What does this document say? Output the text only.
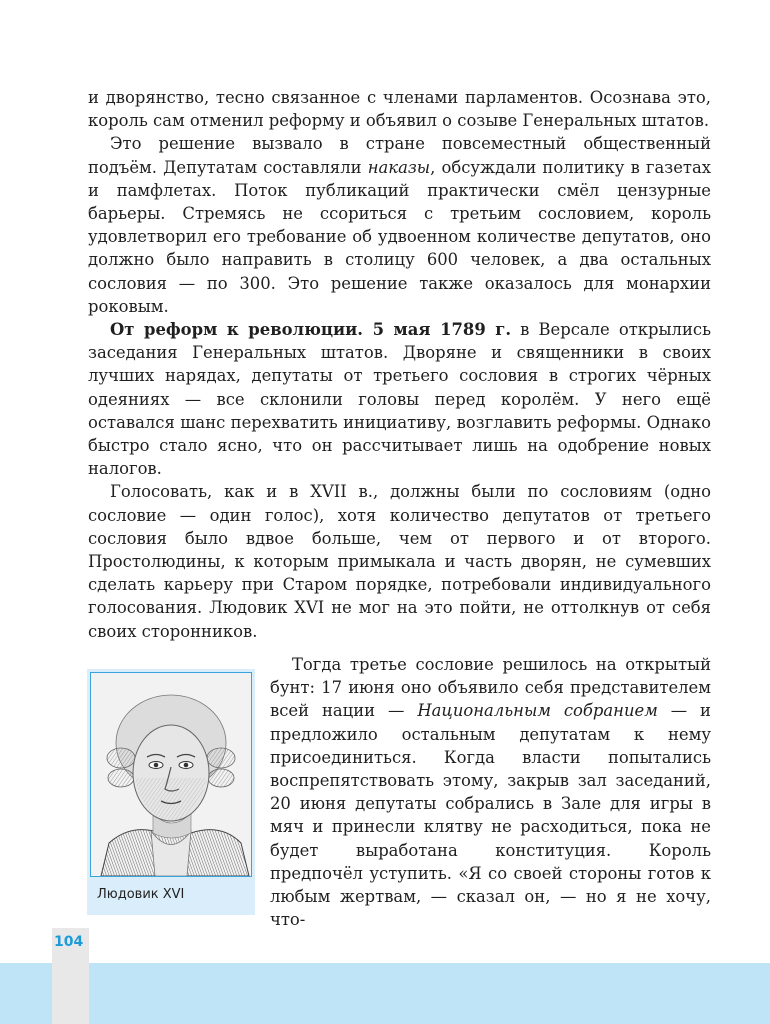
и дворянство, тесно связанное с членами парламентов. Осознава это, король сам отменил реформу и объявил о созыве Генеральных штатов.

Это решение вызвало в стране повсеместный общественный подъём. Депутатам составляли наказы, обсуждали политику в газетах и памфлетах. Поток публикаций практически смёл цензурные барьеры. Стремясь не ссориться с третьим сословием, король удовлетворил его требование об удвоенном количестве депутатов, оно должно было направить в столицу 600 человек, а два остальных сословия — по 300. Это решение также оказалось для монархии роковым.

От реформ к революции. 5 мая 1789 г. в Версале открылись заседания Генеральных штатов. Дворяне и священники в своих лучших нарядах, депутаты от третьего сословия в строгих чёрных одеяниях — все склонили головы перед королём. У него ещё оставался шанс перехватить инициативу, возглавить реформы. Однако быстро стало ясно, что он рассчитывает лишь на одобрение новых налогов.

Голосовать, как и в XVII в., должны были по сословиям (одно сословие — один голос), хотя количество депутатов от третьего сословия было вдвое больше, чем от первого и от второго. Простолюдины, к которым примыкала и часть дворян, не сумевших сделать карьеру при Старом порядке, потребовали индивидуального голосования. Людовик XVI не мог на это пойти, не оттолкнув от себя своих сторонников.

Людовик XVI

Тогда третье сословие решилось на открытый бунт: 17 июня оно объявило себя представителем всей нации — Национальным собранием — и предложило остальным депутатам к нему присоединиться. Когда власти попытались воспрепятствовать этому, закрыв зал заседаний, 20 июня депутаты собрались в Зале для игры в мяч и принесли клятву не расходиться, пока не будет выработана конституция. Король предпочёл уступить. «Я со своей стороны готов к любым жертвам, — сказал он, — но я не хочу, что-

104
